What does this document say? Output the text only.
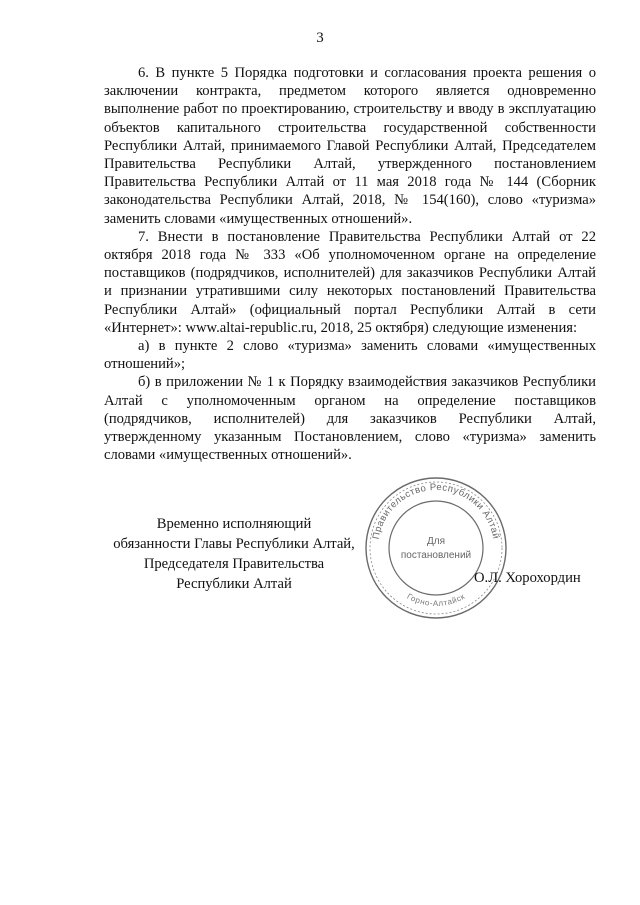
3

6. В пункте 5 Порядка подготовки и согласования проекта решения о заключении контракта, предметом которого является одновременно выполнение работ по проектированию, строительству и вводу в эксплуатацию объектов капитального строительства государственной собственности Республики Алтай, принимаемого Главой Республики Алтай, Председателем Правительства Республики Алтай, утвержденного постановлением Правительства Республики Алтай от 11 мая 2018 года № 144 (Сборник законодательства Республики Алтай, 2018, № 154(160), слово «туризма» заменить словами «имущественных отношений».

7. Внести в постановление Правительства Республики Алтай от 22 октября 2018 года № 333 «Об уполномоченном органе на определение поставщиков (подрядчиков, исполнителей) для заказчиков Республики Алтай и признании утратившими силу некоторых постановлений Правительства Республики Алтай» (официальный портал Республики Алтай в сети «Интернет»: www.altai-republic.ru, 2018, 25 октября) следующие изменения:

а) в пункте 2 слово «туризма» заменить словами «имущественных отношений»;

б) в приложении № 1 к Порядку взаимодействия заказчиков Республики Алтай с уполномоченным органом на определение поставщиков (подрядчиков, исполнителей) для заказчиков Республики Алтай, утвержденному указанным Постановлением, слово «туризма» заменить словами «имущественных отношений».

Правительство Республики Алтай
Горно-Алтайск
Для
постановлений
Временно исполняющий
обязанности Главы Республики Алтай,
Председателя Правительства
Республики Алтай	О.Л. Хорохордин
